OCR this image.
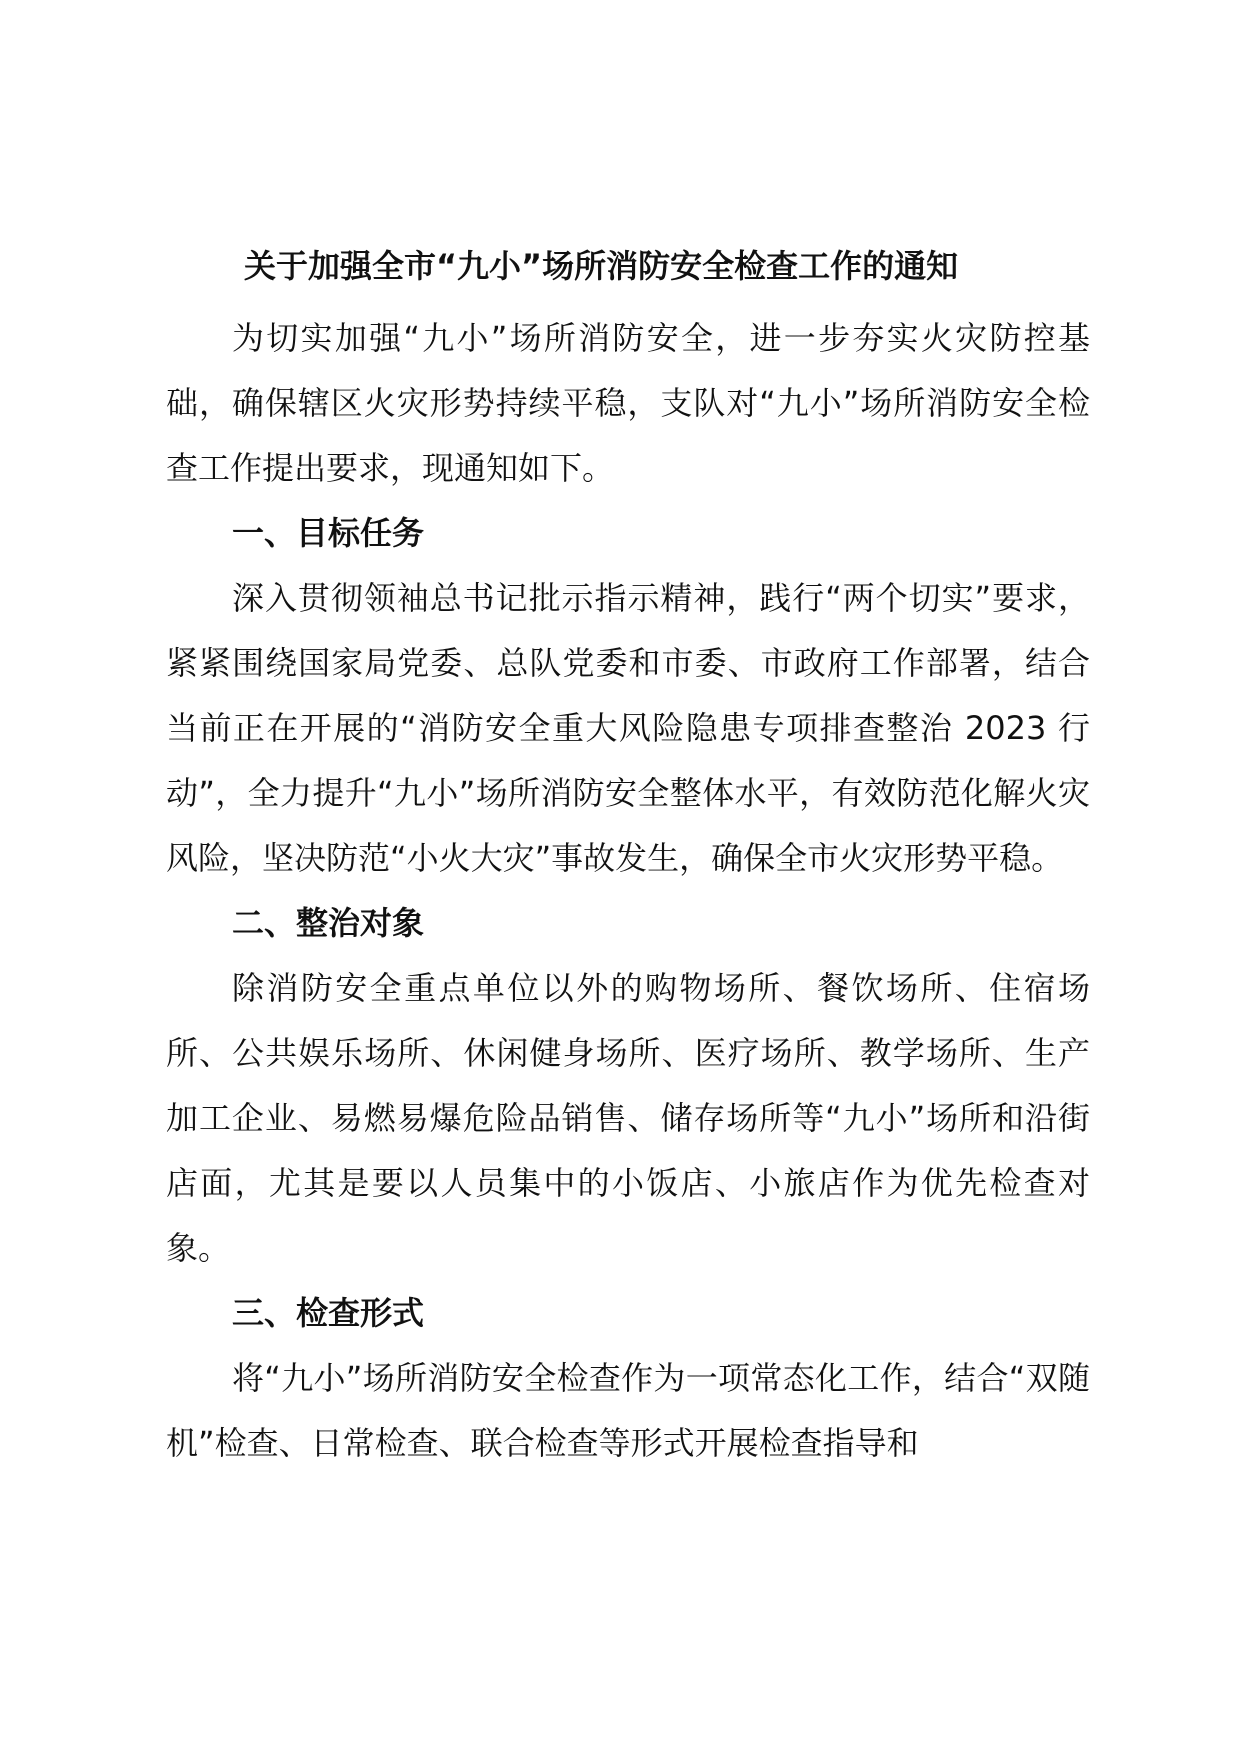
关于加强全市“九小”场所消防安全检查工作的通知

为切实加强“九小”场所消防安全，进一步夯实火灾防控基础，确保辖区火灾形势持续平稳，支队对“九小”场所消防安全检查工作提出要求，现通知如下。

一、目标任务

深入贯彻领袖总书记批示指示精神，践行“两个切实”要求，紧紧围绕国家局党委、总队党委和市委、市政府工作部署，结合当前正在开展的“消防安全重大风险隐患专项排查整治 2023 行动”，全力提升“九小”场所消防安全整体水平，有效防范化解火灾风险，坚决防范“小火大灾”事故发生，确保全市火灾形势平稳。

二、整治对象

除消防安全重点单位以外的购物场所、餐饮场所、住宿场所、公共娱乐场所、休闲健身场所、医疗场所、教学场所、生产加工企业、易燃易爆危险品销售、储存场所等“九小”场所和沿街店面，尤其是要以人员集中的小饭店、小旅店作为优先检查对象。

三、检查形式

将“九小”场所消防安全检查作为一项常态化工作，结合“双随机”检查、日常检查、联合检查等形式开展检查指导和
